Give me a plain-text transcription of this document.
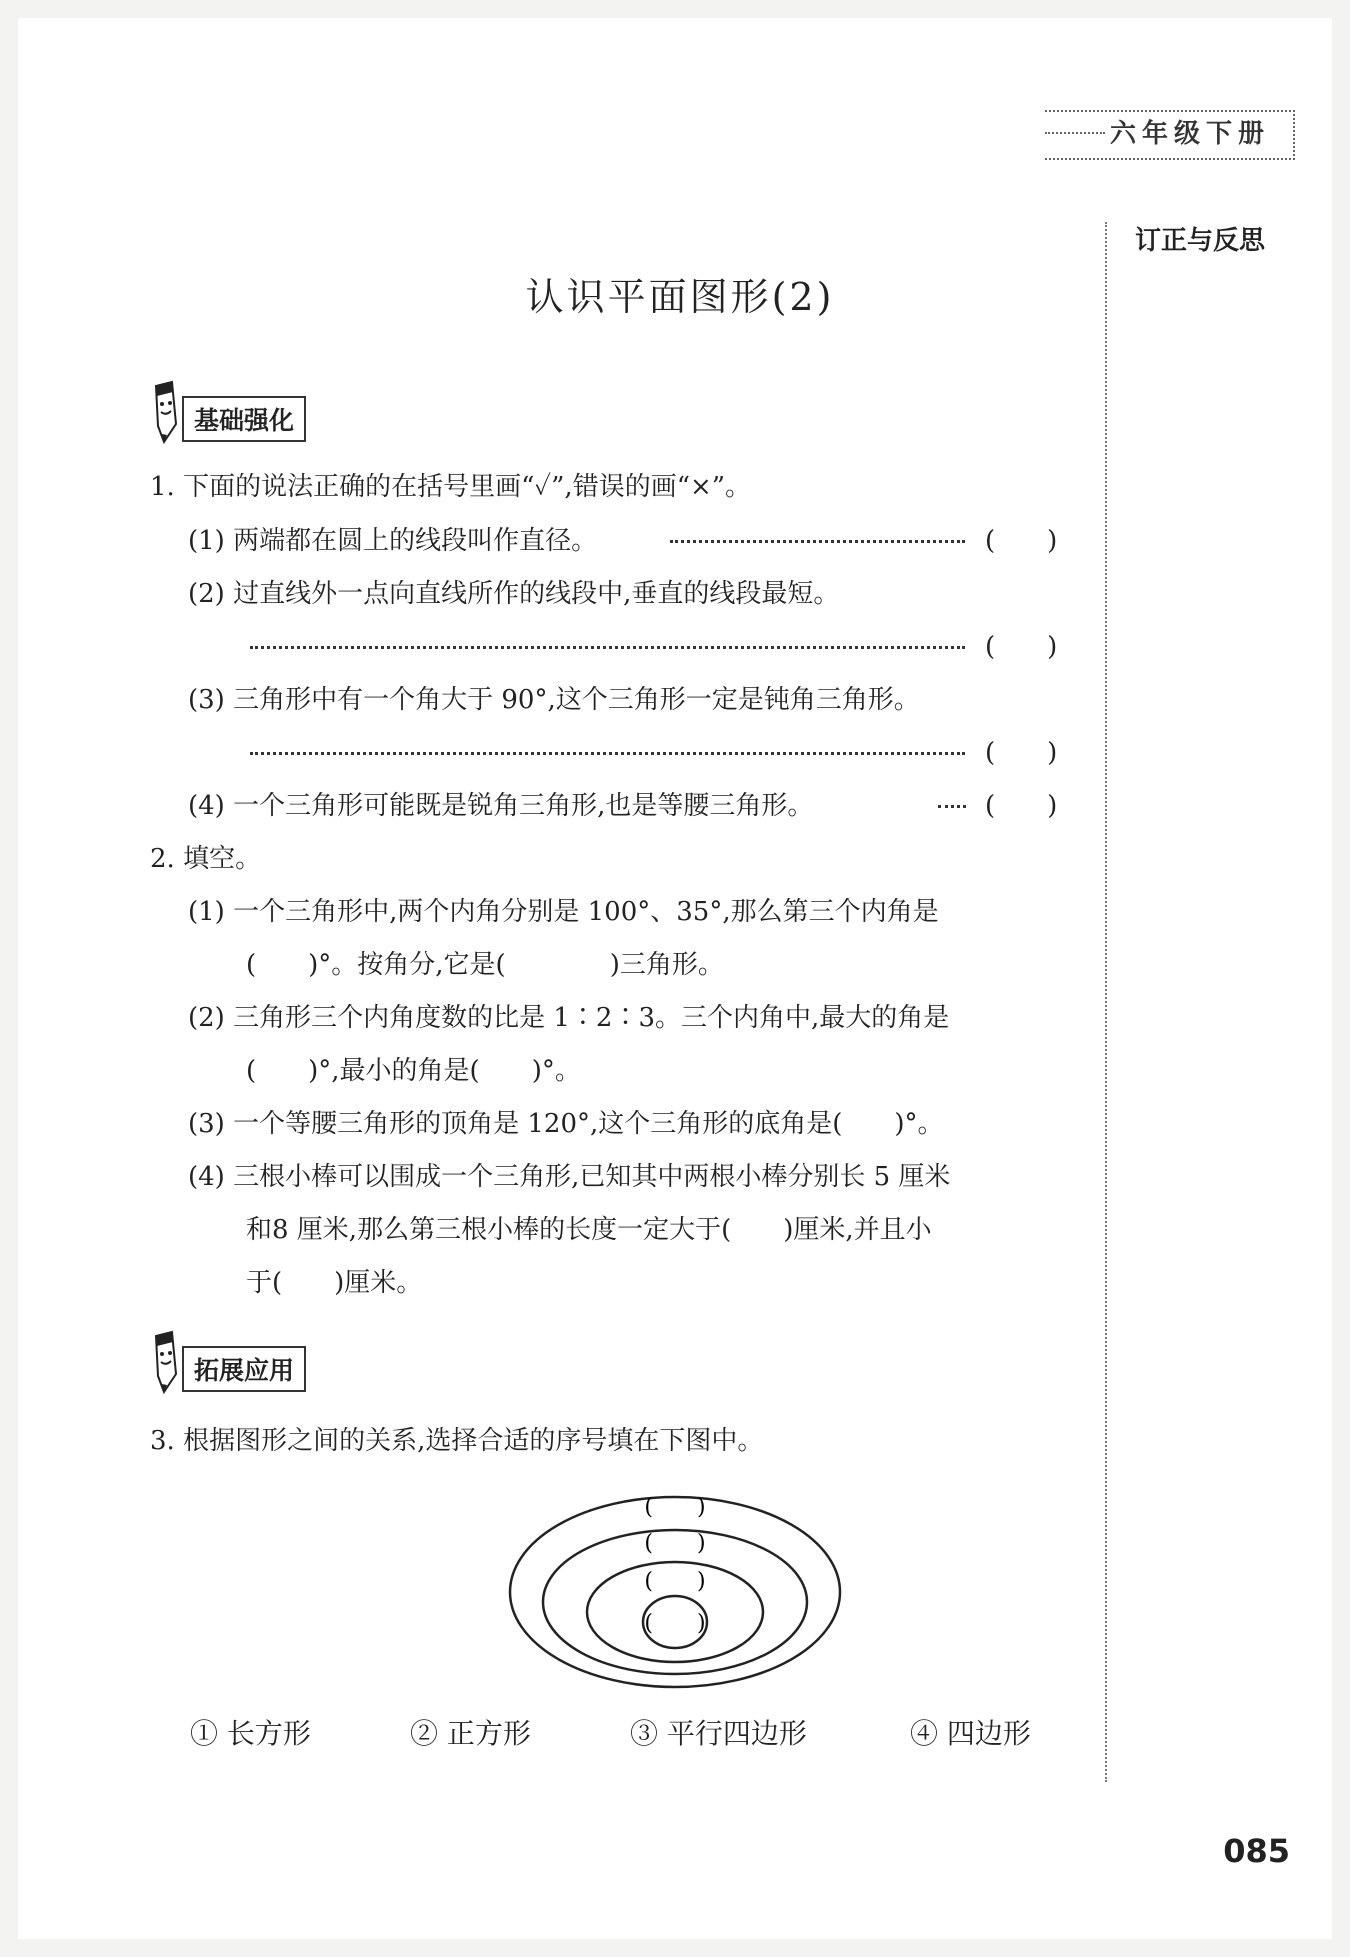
六年级下册
订正与反思
认识平面图形(2)
基础强化
1. 下面的说法正确的在括号里画“✓”,错误的画“×”。
(1) 两端都在圆上的线段叫作直径。	(　　)
(2) 过直线外一点向直线所作的线段中,垂直的线段最短。
(　　)
(3) 三角形中有一个角大于 90°,这个三角形一定是钝角三角形。
(　　)
(4) 一个三角形可能既是锐角三角形,也是等腰三角形。	(　　)
2. 填空。
(1) 一个三角形中,两个内角分别是 100°、35°,那么第三个内角是
(　　)°。按角分,它是(　　　　)三角形。
(2) 三角形三个内角度数的比是 1∶2∶3。三个内角中,最大的角是
(　　)°,最小的角是(　　)°。
(3) 一个等腰三角形的顶角是 120°,这个三角形的底角是(　　)°。
(4) 三根小棒可以围成一个三角形,已知其中两根小棒分别长 5 厘米
和8 厘米,那么第三根小棒的长度一定大于(　　)厘米,并且小
于(　　)厘米。
拓展应用
3. 根据图形之间的关系,选择合适的序号填在下图中。
(　　)
(　　)
(　　)
(　　)
① 长方形	② 正方形	③ 平行四边形	④ 四边形
085
